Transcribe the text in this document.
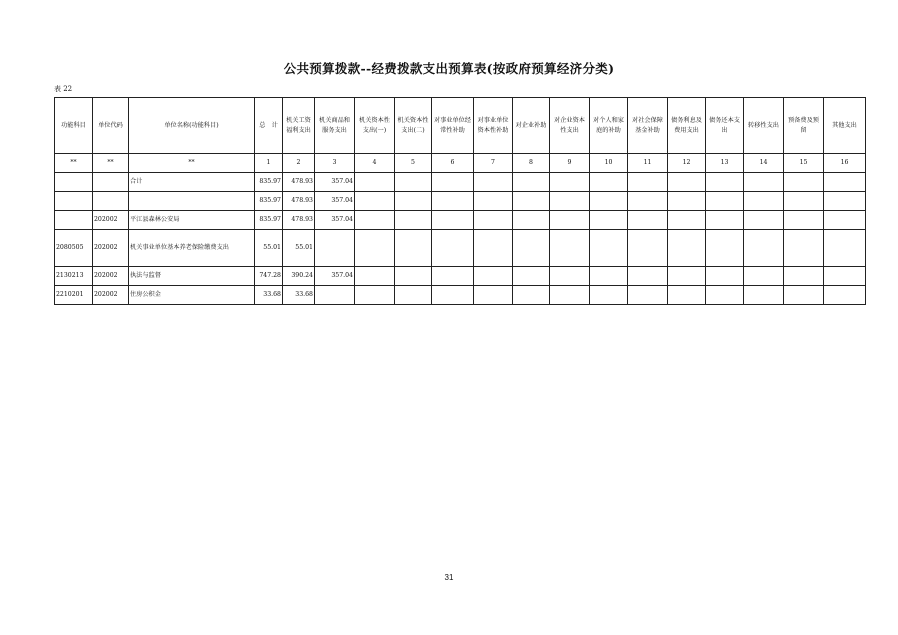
公共预算拨款--经费拨款支出预算表(按政府预算经济分类)
表 22
功能科目	单位代码	单位名称(功能科目)	总　计	机关工资福利支出	机关商品和服务支出	机关资本性支出(一)	机关资本性支出(二)	对事业单位经常性补助	对事业单位资本性补助	对企业补助	对企业资本性支出	对个人和家庭的补助	对社会保障基金补助	债务利息及费用支出	债务还本支出	转移性支出	预备费及预留	其他支出
**	**	**	1	2	3	4	5	6	7	8	9	10	11	12	13	14	15	16
		合计	835.97	478.93	357.04													
			835.97	478.93	357.04													
	202002	平江县森林公安局	835.97	478.93	357.04													
2080505	202002	机关事业单位基本养老保险缴费支出	55.01	55.01														
2130213	202002	执法与监督	747.28	390.24	357.04													
2210201	202002	住房公积金	33.68	33.68														
31
